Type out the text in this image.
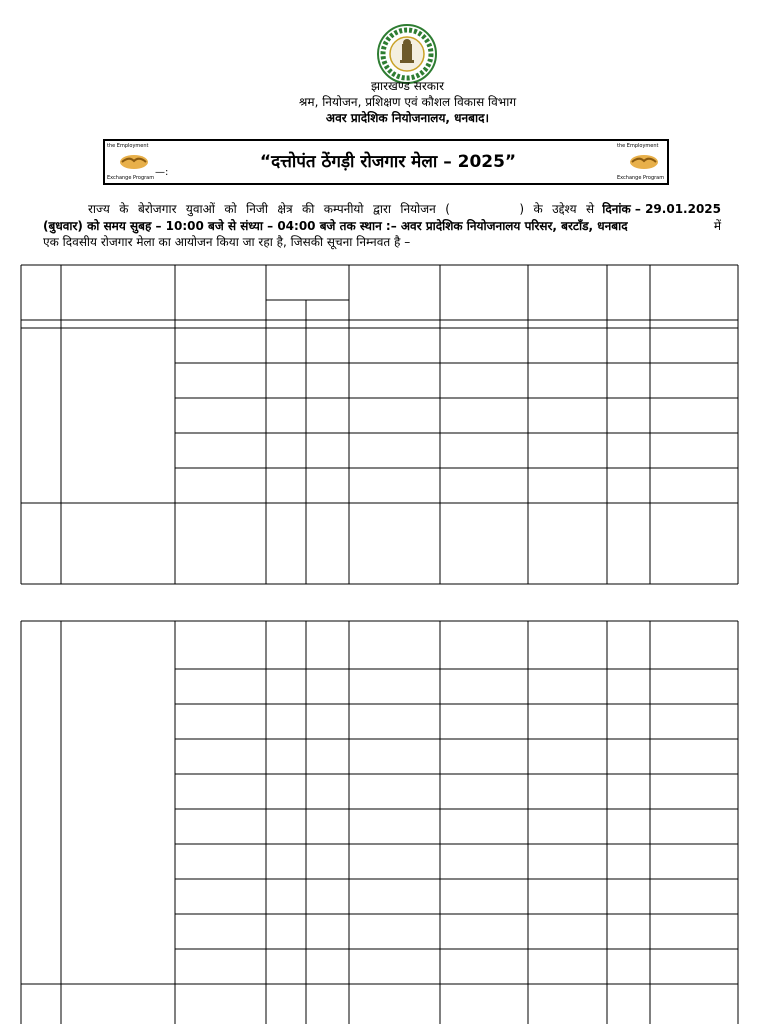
झारखण्ड सरकार
श्रम, नियोजन, प्रशिक्षण एवं कौशल विकास विभाग
अवर प्रादेशिक नियोजनालय, धनबाद।
the Employment
Exchange Program —:
“दत्तोपंत ठेंगड़ी रोजगार मेला – 2025”
the Employment
Exchange Program
राज्य के बेरोजगार युवाओं को निजी क्षेत्र की कम्पनीयो द्वारा नियोजन (	) के उद्देश्य से दिनांक – 29.01.2025
(बुधवार) को समय सुबह – 10:00 बजे से संध्या – 04:00 बजे तक स्थान :– अवर प्रादेशिक नियोजनालय परिसर, बरटाँड, धनबाद	में
एक दिवसीय रोजगार मेला का आयोजन किया जा रहा है, जिसकी सूचना निम्नवत है –
